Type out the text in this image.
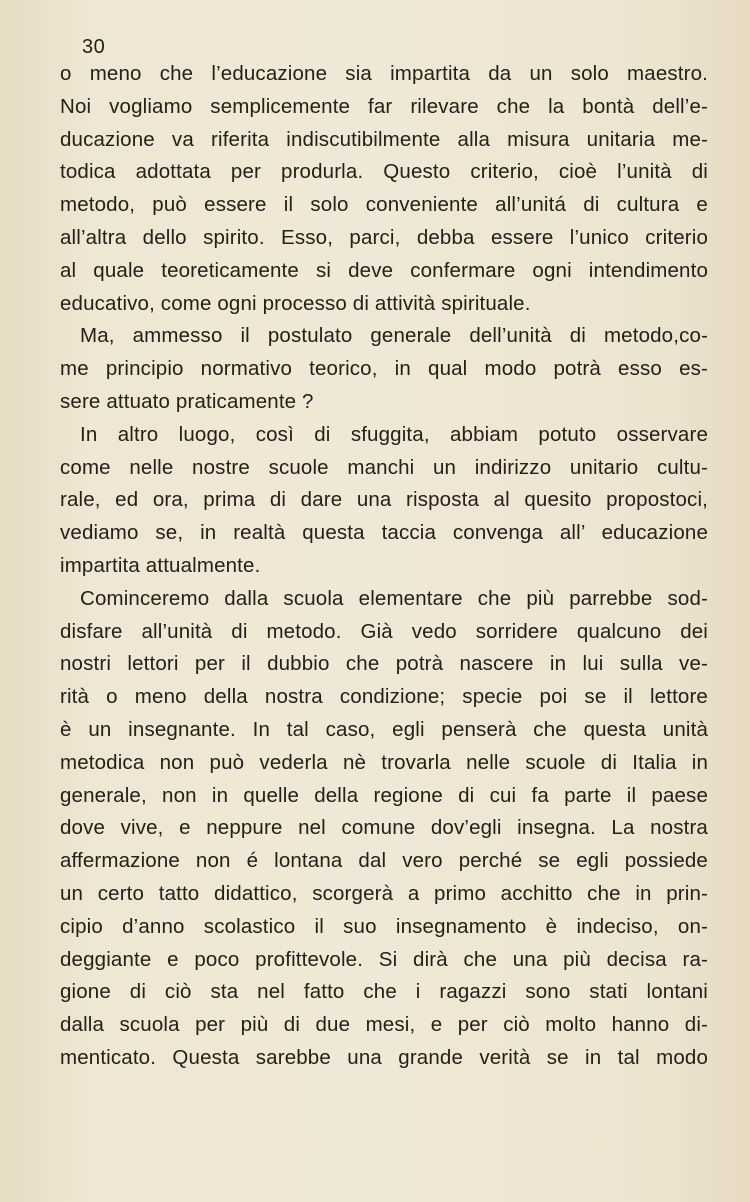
30
o meno che l’educazione sia impartita da un solo maestro.
Noi vogliamo semplicemente far rilevare che la bontà dell’e-
ducazione va riferita indiscutibilmente alla misura unitaria me-
todica adottata per produrla. Questo criterio, cioè l’unità di
metodo, può essere il solo conveniente all’unitá di cultura e
all’altra dello spirito. Esso, parci, debba essere l’unico criterio
al quale teoreticamente si deve confermare ogni intendimento
educativo, come ogni processo di attività spirituale.
Ma, ammesso il postulato generale dell’unità di metodo,co-
me principio normativo teorico, in qual modo potrà esso es-
sere attuato praticamente ?
In altro luogo, così di sfuggita, abbiam potuto osservare
come nelle nostre scuole manchi un indirizzo unitario cultu-
rale, ed ora, prima di dare una risposta al quesito propostoci,
vediamo se, in realtà questa taccia convenga all’ educazione
impartita attualmente.
Cominceremo dalla scuola elementare che più parrebbe sod-
disfare all’unità di metodo. Già vedo sorridere qualcuno dei
nostri lettori per il dubbio che potrà nascere in lui sulla ve-
rità o meno della nostra condizione; specie poi se il lettore
è un insegnante. In tal caso, egli penserà che questa unità
metodica non può vederla nè trovarla nelle scuole di Italia in
generale, non in quelle della regione di cui fa parte il paese
dove vive, e neppure nel comune dov’egli insegna. La nostra
affermazione non é lontana dal vero perché se egli possiede
un certo tatto didattico, scorgerà a primo acchitto che in prin-
cipio d’anno scolastico il suo insegnamento è indeciso, on-
deggiante e poco profittevole. Si dirà che una più decisa ra-
gione di ciò sta nel fatto che i ragazzi sono stati lontani
dalla scuola per più di due mesi, e per ciò molto hanno di-
menticato. Questa sarebbe una grande verità se in tal modo
